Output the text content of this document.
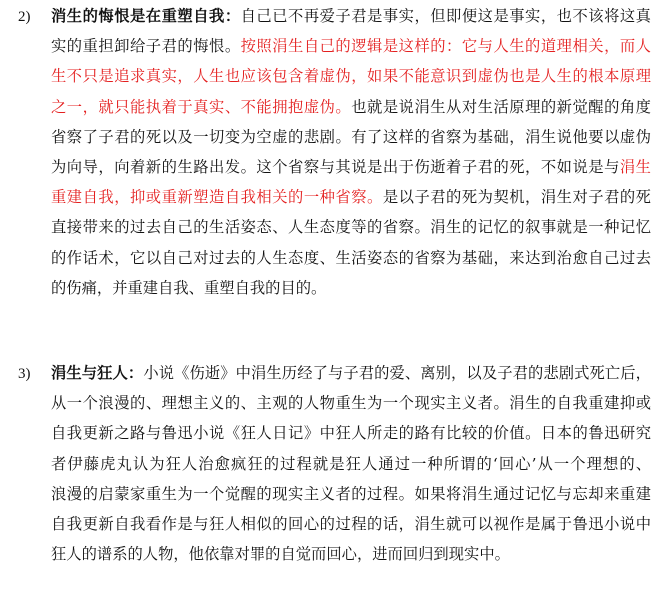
2) 消生的悔恨是在重塑自我：自己已不再爱子君是事实，但即便这是事实，也不该将这真
实的重担卸给子君的悔恨。按照涓生自己的逻辑是这样的：它与人生的道理相关，而人
生不只是追求真实，人生也应该包含着虚伪，如果不能意识到虚伪也是人生的根本原理
之一，就只能执着于真实、不能拥抱虚伪。也就是说涓生从对生活原理的新觉醒的角度
省察了子君的死以及一切变为空虚的悲剧。有了这样的省察为基础，涓生说他要以虚伪
为向导，向着新的生路出发。这个省察与其说是出于伤逝着子君的死，不如说是与涓生
重建自我，抑或重新塑造自我相关的一种省察。是以子君的死为契机，涓生对子君的死
直接带来的过去自己的生活姿态、人生态度等的省察。涓生的记忆的叙事就是一种记忆
的作话术，它以自己对过去的人生态度、生活姿态的省察为基础，来达到治愈自己过去
的伤痛，并重建自我、重塑自我的目的。
3) 涓生与狂人：小说《伤逝》中涓生历经了与子君的爱、离别，以及子君的悲剧式死亡后，
从一个浪漫的、理想主义的、主观的人物重生为一个现实主义者。涓生的自我重建抑或
自我更新之路与鲁迅小说《狂人日记》中狂人所走的路有比较的价值。日本的鲁迅研究
者伊藤虎丸认为狂人治愈疯狂的过程就是狂人通过一种所谓的‘回心’从一个理想的、
浪漫的启蒙家重生为一个觉醒的现实主义者的过程。如果将涓生通过记忆与忘却来重建
自我更新自我看作是与狂人相似的回心的过程的话，涓生就可以视作是属于鲁迅小说中
狂人的谱系的人物，他依靠对罪的自觉而回心，进而回归到现实中。
